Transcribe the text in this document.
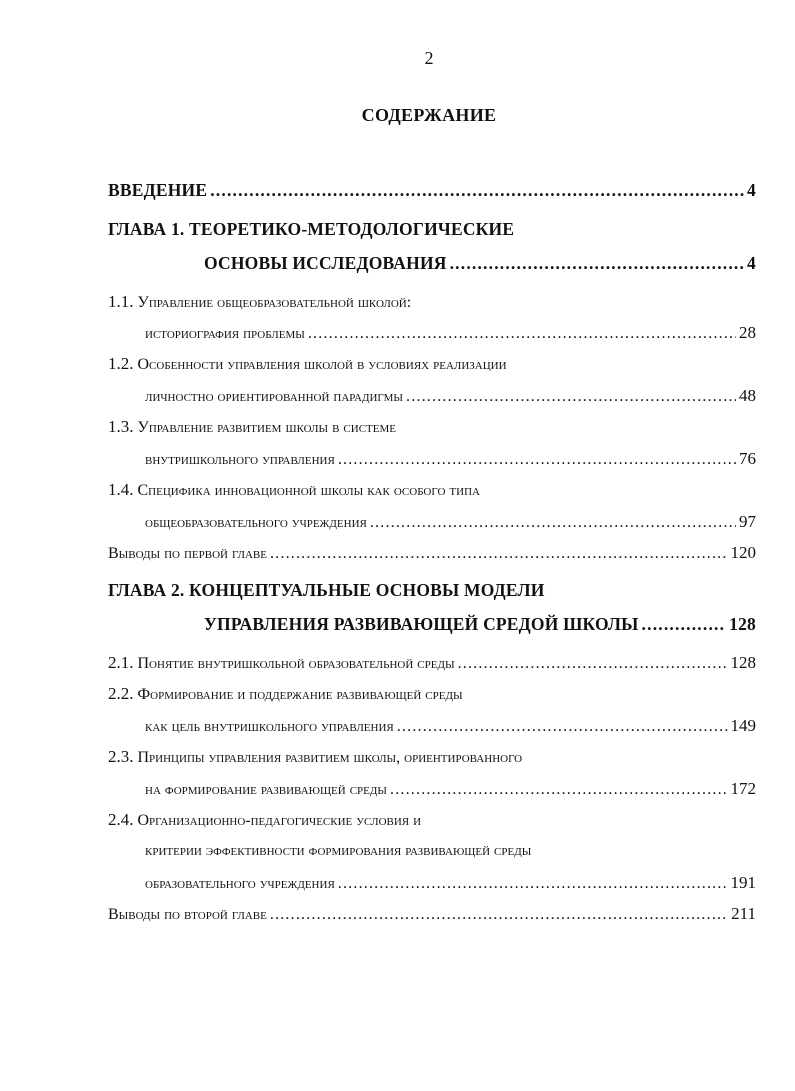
2
СОДЕРЖАНИЕ
ВВЕДЕНИЕ .....	4
ГЛАВА 1. ТЕОРЕТИКО-МЕТОДОЛОГИЧЕСКИЕ
ОСНОВЫ ИССЛЕДОВАНИЯ .....	4
1.1. Управление общеобразовательной школой:
историография проблемы .....	28
1.2. Особенности управления школой в условиях реализации
личностно ориентированной парадигмы .....	48
1.3. Управление развитием школы в системе
внутришкольного управления .....	76
1.4. Специфика инновационной школы как особого типа
общеобразовательного учреждения .....	97
Выводы по первой главе .....	120
ГЛАВА 2. КОНЦЕПТУАЛЬНЫЕ ОСНОВЫ МОДЕЛИ
УПРАВЛЕНИЯ РАЗВИВАЮЩЕЙ СРЕДОЙ ШКОЛЫ .....	128
2.1. Понятие внутришкольной образовательной среды .....	128
2.2. Формирование и поддержание развивающей среды
как цель внутришкольного управления .....	149
2.3. Принципы управления развитием школы, ориентированного
на формирование развивающей среды .....	172
2.4. Организационно-педагогические условия и
критерии эффективности формирования развивающей среды
образовательного учреждения .....	191
Выводы по второй главе .....	211
